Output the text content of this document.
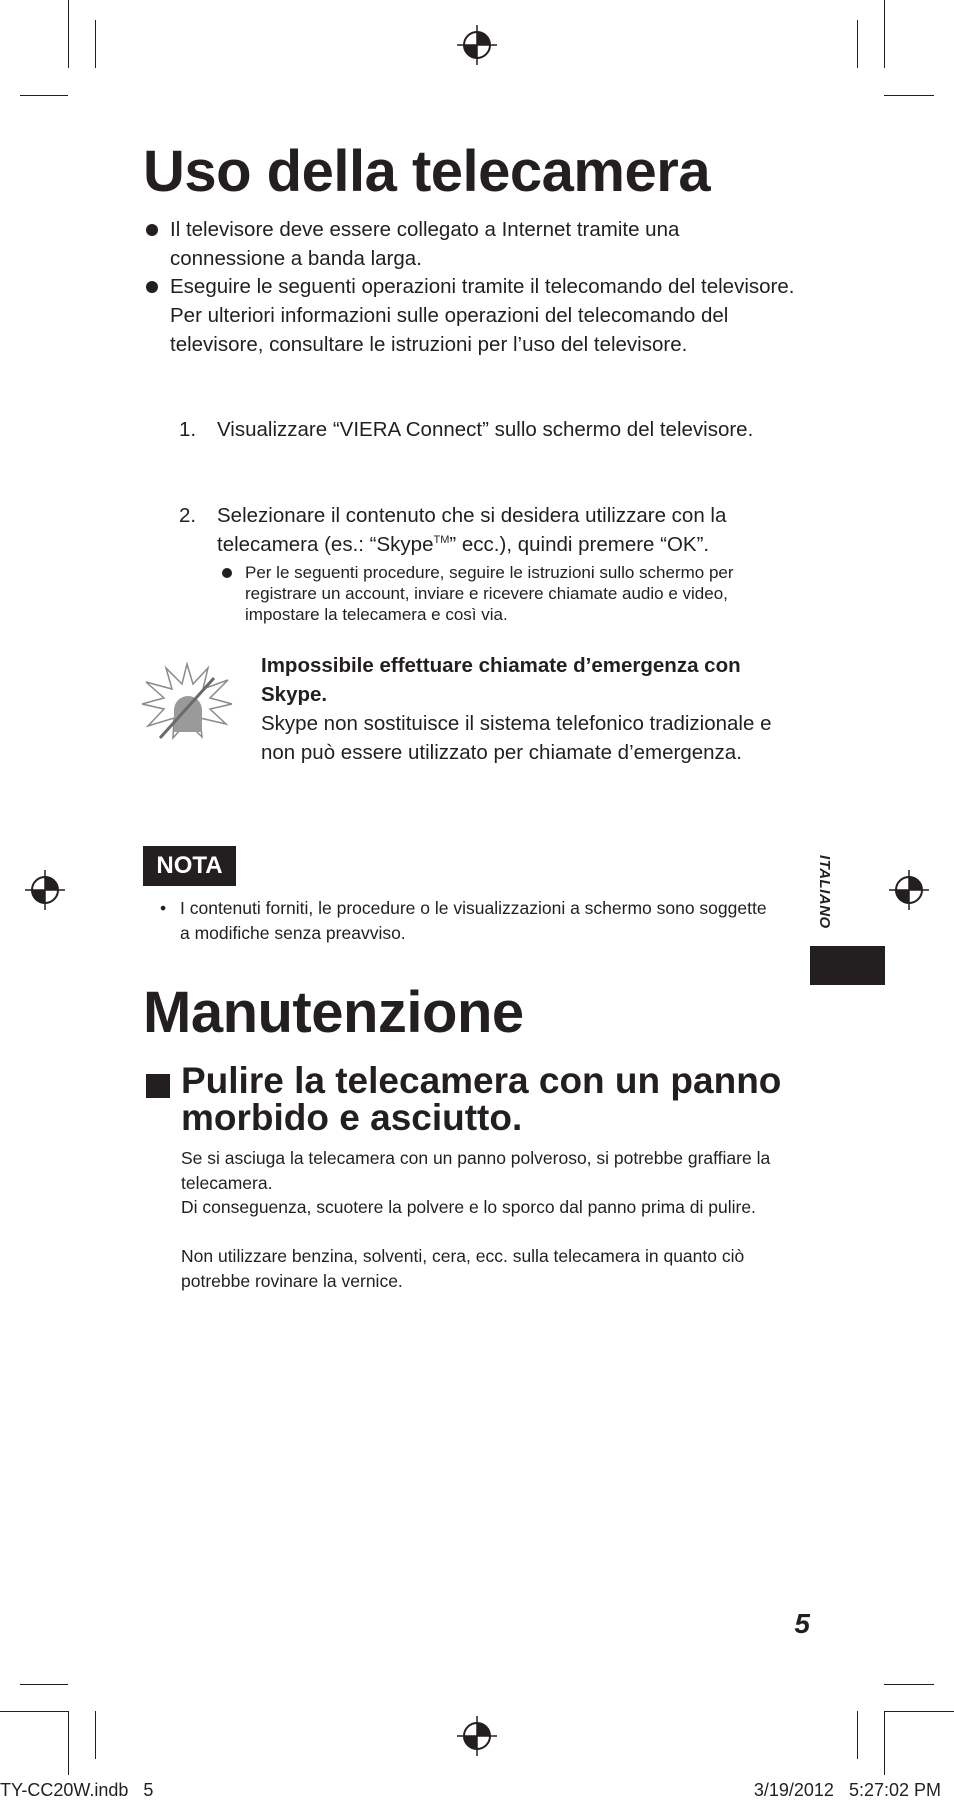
Uso della telecamera
Il televisore deve essere collegato a Internet tramite una connessione a banda larga.
Eseguire le seguenti operazioni tramite il telecomando del televisore. Per ulteriori informazioni sulle operazioni del telecomando del televisore, consultare le istruzioni per l’uso del televisore.
1. Visualizzare “VIERA Connect” sullo schermo del televisore.
2. Selezionare il contenuto che si desidera utilizzare con la telecamera (es.: “Skype™” ecc.), quindi premere “OK”.
Per le seguenti procedure, seguire le istruzioni sullo schermo per registrare un account, inviare e ricevere chiamate audio e video, impostare la telecamera e così via.
Impossibile effettuare chiamate d’emergenza con Skype.
Skype non sostituisce il sistema telefonico tradizionale e non può essere utilizzato per chiamate d’emergenza.
NOTA
• I contenuti forniti, le procedure o le visualizzazioni a schermo sono soggette a modifiche senza preavviso.
ITALIANO
Manutenzione
Pulire la telecamera con un panno morbido e asciutto.
Se si asciuga la telecamera con un panno polveroso, si potrebbe graffiare la telecamera.
Di conseguenza, scuotere la polvere e lo sporco dal panno prima di pulire.
Non utilizzare benzina, solventi, cera, ecc. sulla telecamera in quanto ciò potrebbe rovinare la vernice.
5
TY-CC20W.indb   5	3/19/2012   5:27:02 PM
